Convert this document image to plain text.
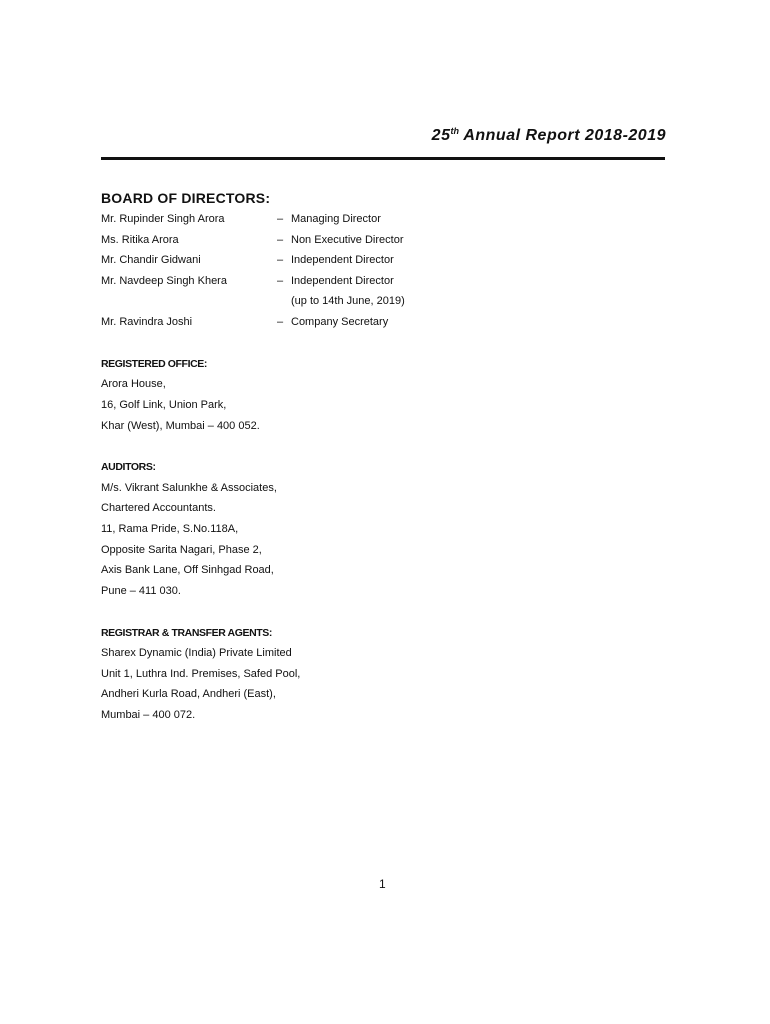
25th Annual Report 2018-2019
BOARD OF DIRECTORS:
Mr. Rupinder Singh Arora	– Managing Director
Ms. Ritika Arora	– Non Executive Director
Mr. Chandir Gidwani	– Independent Director
Mr. Navdeep Singh Khera	– Independent Director
(up to 14th June, 2019)
Mr. Ravindra Joshi	– Company Secretary
REGISTERED OFFICE:
Arora House,
16, Golf Link, Union Park,
Khar (West), Mumbai – 400 052.
AUDITORS:
M/s. Vikrant Salunkhe & Associates,
Chartered Accountants.
11, Rama Pride, S.No.118A,
Opposite Sarita Nagari, Phase 2,
Axis Bank Lane, Off Sinhgad Road,
Pune – 411 030.
REGISTRAR & TRANSFER AGENTS:
Sharex Dynamic (India) Private Limited
Unit 1, Luthra Ind. Premises, Safed Pool,
Andheri Kurla Road, Andheri (East),
Mumbai – 400 072.
1
